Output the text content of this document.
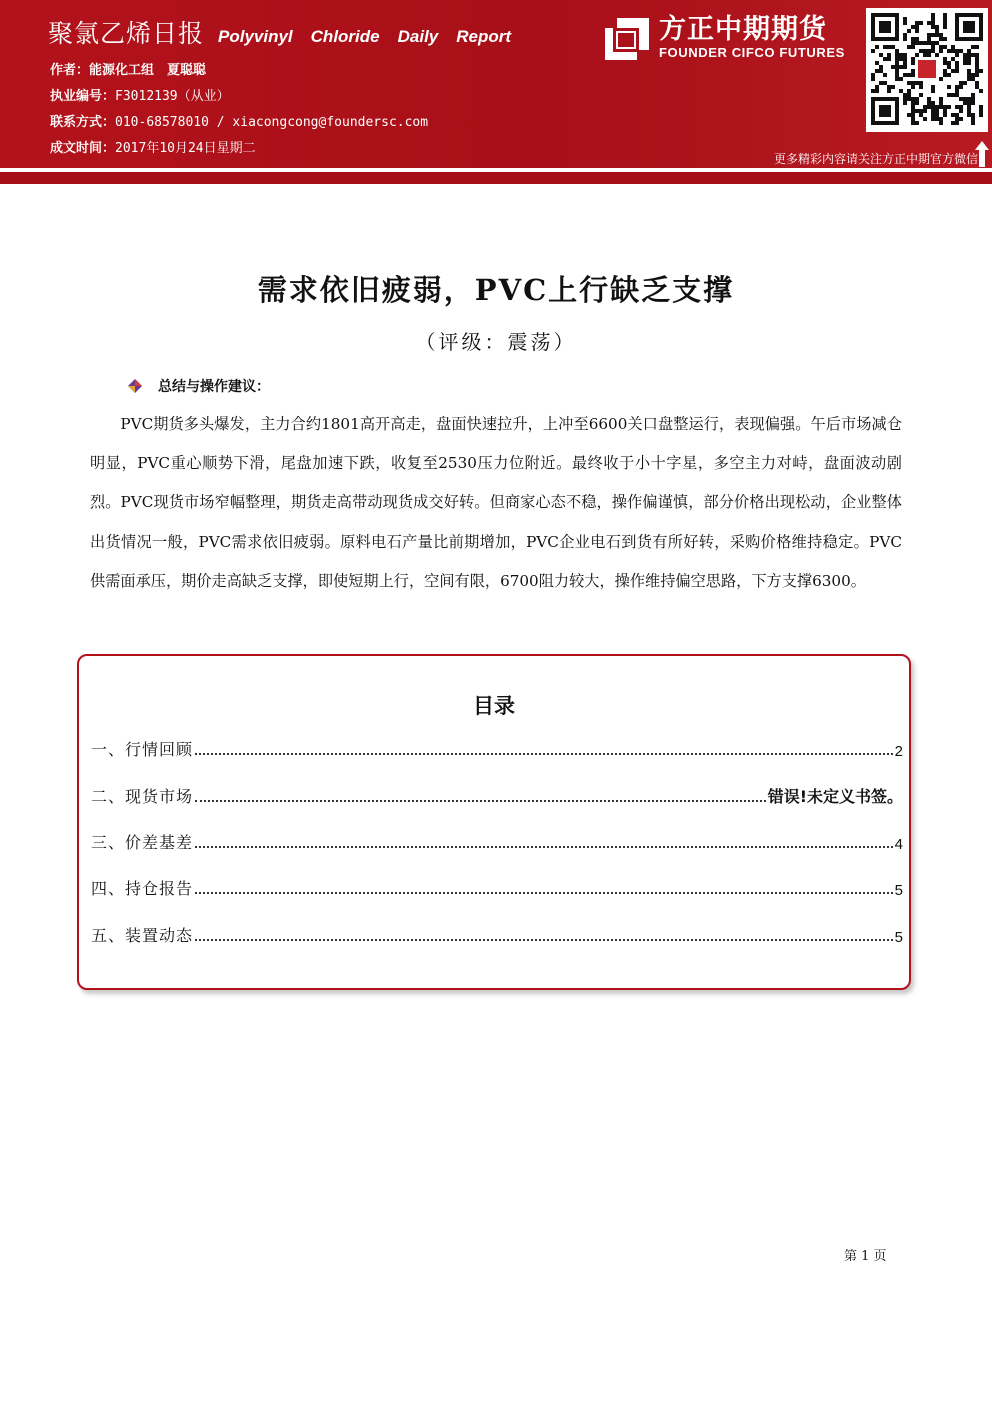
聚氯乙烯日报 Polyvinyl Chloride Daily Report
作者： 能源化工组　夏聪聪
执业编号： F3012139（从业）
联系方式： 010-68578010 / xiacongcong@foundersc.com
成文时间： 2017年10月24日星期二
方正中期期货
FOUNDER CIFCO FUTURES
更多精彩内容请关注方正中期官方微信
需求依旧疲弱，PVC上行缺乏支撑
（评级：震荡）
总结与操作建议：
PVC期货多头爆发，主力合约1801高开高走，盘面快速拉升，上冲至6600关口盘整运行，表现偏强。午后市场减仓明显，PVC重心顺势下滑，尾盘加速下跌，收复至2530压力位附近。最终收于小十字星，多空主力对峙，盘面波动剧烈。PVC现货市场窄幅整理，期货走高带动现货成交好转。但商家心态不稳，操作偏谨慎，部分价格出现松动，企业整体出货情况一般，PVC需求依旧疲弱。原料电石产量比前期增加，PVC企业电石到货有所好转，采购价格维持稳定。PVC供需面承压，期价走高缺乏支撑，即使短期上行，空间有限，6700阻力较大，操作维持偏空思路，下方支撑6300。
目录
一、行情回顾	2
二、现货市场	错误!未定义书签。
三、价差基差	4
四、持仓报告	5
五、装置动态	5
第 1 页
